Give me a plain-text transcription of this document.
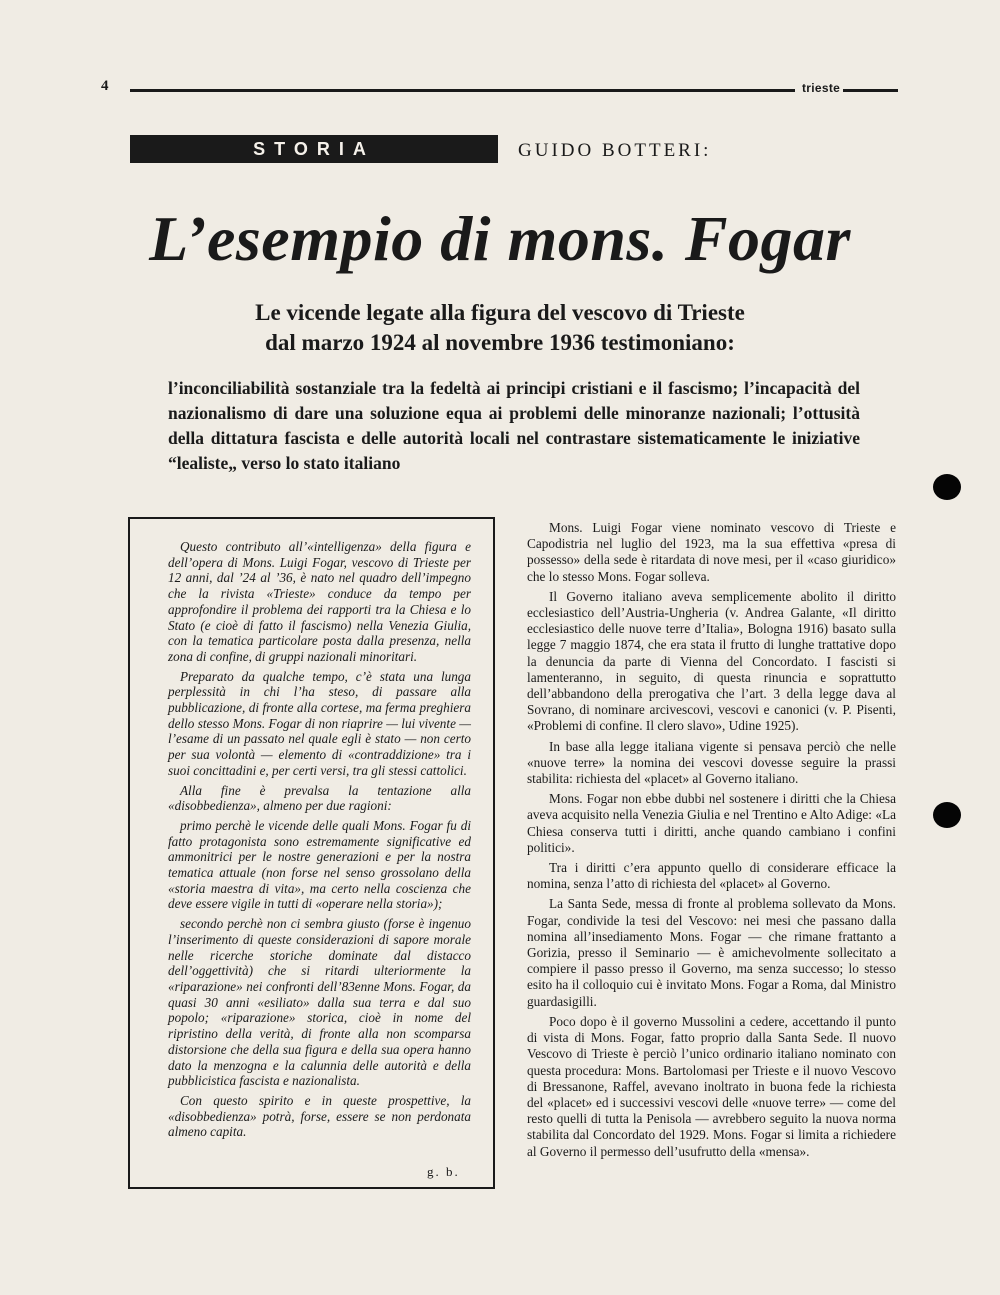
4	trieste
STORIA	GUIDO BOTTERI:
L’esempio di mons. Fogar
Le vicende legate alla figura del vescovo di Trieste
dal marzo 1924 al novembre 1936 testimoniano:

l’inconciliabilità sostanziale tra la fedeltà ai principi cristiani e il fascismo; l’incapacità del nazionalismo di dare una soluzione equa ai problemi delle minoranze nazionali; l’ottusità della dittatura fascista e delle autorità locali nel contrastare sistematicamente le iniziative “lealiste„ verso lo stato italiano

Questo contributo all’«intelligenza» della figura e dell’opera di Mons. Luigi Fogar, vescovo di Trieste per 12 anni, dal ’24 al ’36, è nato nel quadro dell’impegno che la rivista «Trieste» conduce da tempo per approfondire il problema dei rapporti tra la Chiesa e lo Stato (e cioè di fatto il fascismo) nella Venezia Giulia, con la tematica particolare posta dalla presenza, nella zona di confine, di gruppi nazionali minoritari.

Preparato da qualche tempo, c’è stata una lunga perplessità in chi l’ha steso, di passare alla pubblicazione, di fronte alla cortese, ma ferma preghiera dello stesso Mons. Fogar di non riaprire — lui vivente — l’esame di un passato nel quale egli è stato — non certo per sua volontà — elemento di «contraddizione» tra i suoi concittadini e, per certi versi, tra gli stessi cattolici.

Alla fine è prevalsa la tentazione alla «disobbedienza», almeno per due ragioni:

primo perchè le vicende delle quali Mons. Fogar fu di fatto protagonista sono estremamente significative ed ammonitrici per le nostre generazioni e per la nostra tematica attuale (non forse nel senso grossolano della «storia maestra di vita», ma certo nella coscienza che deve essere vigile in tutti di «operare nella storia»);

secondo perchè non ci sembra giusto (forse è ingenuo l’inserimento di queste considerazioni di sapore morale nelle ricerche storiche dominate dal distacco dell’oggettività) che si ritardi ulteriormente la «riparazione» nei confronti dell’83enne Mons. Fogar, da quasi 30 anni «esiliato» dalla sua terra e dal suo popolo; «riparazione» storica, cioè in nome del ripristino della verità, di fronte alla non scomparsa distorsione che della sua figura e della sua opera hanno dato la menzogna e la calunnia delle autorità e della pubblicistica fascista e nazionalista.

Con questo spirito e in queste prospettive, la «disobbedienza» potrà, forse, essere se non perdonata almeno capita.

g. b.

Mons. Luigi Fogar viene nominato vescovo di Trieste e Capodistria nel luglio del 1923, ma la sua effettiva «presa di possesso» della sede è ritardata di nove mesi, per il «caso giuridico» che lo stesso Mons. Fogar solleva.

Il Governo italiano aveva semplicemente abolito il diritto ecclesiastico dell’Austria-Ungheria (v. Andrea Galante, «Il diritto ecclesiastico delle nuove terre d’Italia», Bologna 1916) basato sulla legge 7 maggio 1874, che era stata il frutto di lunghe trattative dopo la denuncia da parte di Vienna del Concordato. I fascisti si lamenteranno, in seguito, di questa rinuncia e soprattutto dell’abbandono della prerogativa che l’art. 3 della legge dava al Sovrano, di nominare arcivescovi, vescovi e canonici (v. P. Pisenti, «Problemi di confine. Il clero slavo», Udine 1925).

In base alla legge italiana vigente si pensava perciò che nelle «nuove terre» la nomina dei vescovi dovesse seguire la prassi stabilita: richiesta del «placet» al Governo italiano.

Mons. Fogar non ebbe dubbi nel sostenere i diritti che la Chiesa aveva acquisito nella Venezia Giulia e nel Trentino e Alto Adige: «La Chiesa conserva tutti i diritti, anche quando cambiano i confini politici».

Tra i diritti c’era appunto quello di considerare efficace la nomina, senza l’atto di richiesta del «placet» al Governo.

La Santa Sede, messa di fronte al problema sollevato da Mons. Fogar, condivide la tesi del Vescovo: nei mesi che passano dalla nomina all’insediamento Mons. Fogar — che rimane frattanto a Gorizia, presso il Seminario — è amichevolmente sollecitato a compiere il passo presso il Governo, ma senza successo; lo stesso esito ha il colloquio cui è invitato Mons. Fogar a Roma, dal Ministro guardasigilli.

Poco dopo è il governo Mussolini a cedere, accettando il punto di vista di Mons. Fogar, fatto proprio dalla Santa Sede. Il nuovo Vescovo di Trieste è perciò l’unico ordinario italiano nominato con questa procedura: Mons. Bartolomasi per Trieste e il nuovo Vescovo di Bressanone, Raffel, avevano inoltrato in buona fede la richiesta del «placet» ed i successivi vescovi delle «nuove terre» — come del resto quelli di tutta la Penisola — avrebbero seguito la nuova norma stabilita dal Concordato del 1929. Mons. Fogar si limita a richiedere al Governo il permesso dell’usufrutto della «mensa».
